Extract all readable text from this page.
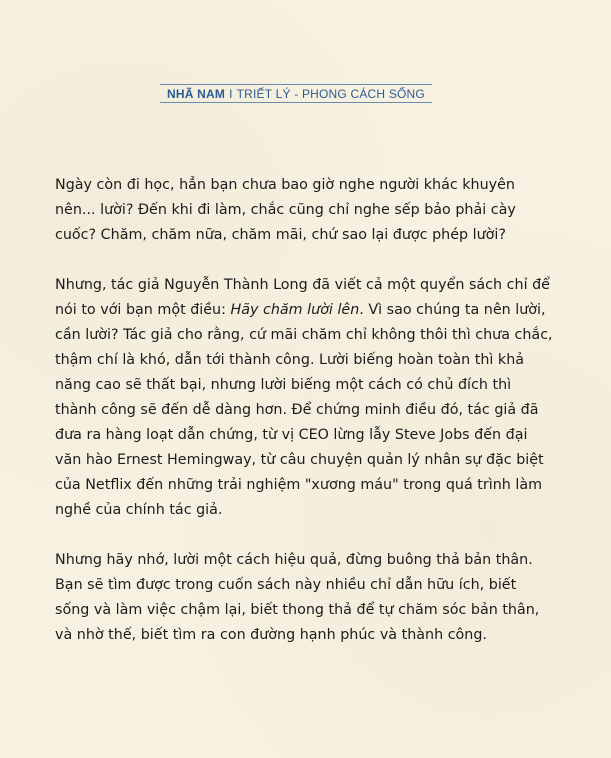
NHÃ NAM I TRIẾT LÝ - PHONG CÁCH SỐNG

Ngày còn đi học, hẳn bạn chưa bao giờ nghe người khác khuyên nên... lười? Đến khi đi làm, chắc cũng chỉ nghe sếp bảo phải cày cuốc? Chăm, chăm nữa, chăm mãi, chứ sao lại được phép lười?

Nhưng, tác giả Nguyễn Thành Long đã viết cả một quyển sách chỉ để nói to với bạn một điều: Hãy chăm lười lên. Vì sao chúng ta nên lười, cần lười? Tác giả cho rằng, cứ mãi chăm chỉ không thôi thì chưa chắc, thậm chí là khó, dẫn tới thành công. Lười biếng hoàn toàn thì khả năng cao sẽ thất bại, nhưng lười biếng một cách có chủ đích thì thành công sẽ đến dễ dàng hơn. Để chứng minh điều đó, tác giả đã đưa ra hàng loạt dẫn chứng, từ vị CEO lừng lẫy Steve Jobs đến đại văn hào Ernest Hemingway, từ câu chuyện quản lý nhân sự đặc biệt của Netflix đến những trải nghiệm "xương máu" trong quá trình làm nghề của chính tác giả.

Nhưng hãy nhớ, lười một cách hiệu quả, đừng buông thả bản thân. Bạn sẽ tìm được trong cuốn sách này nhiều chỉ dẫn hữu ích, biết sống và làm việc chậm lại, biết thong thả để tự chăm sóc bản thân, và nhờ thế, biết tìm ra con đường hạnh phúc và thành công.
